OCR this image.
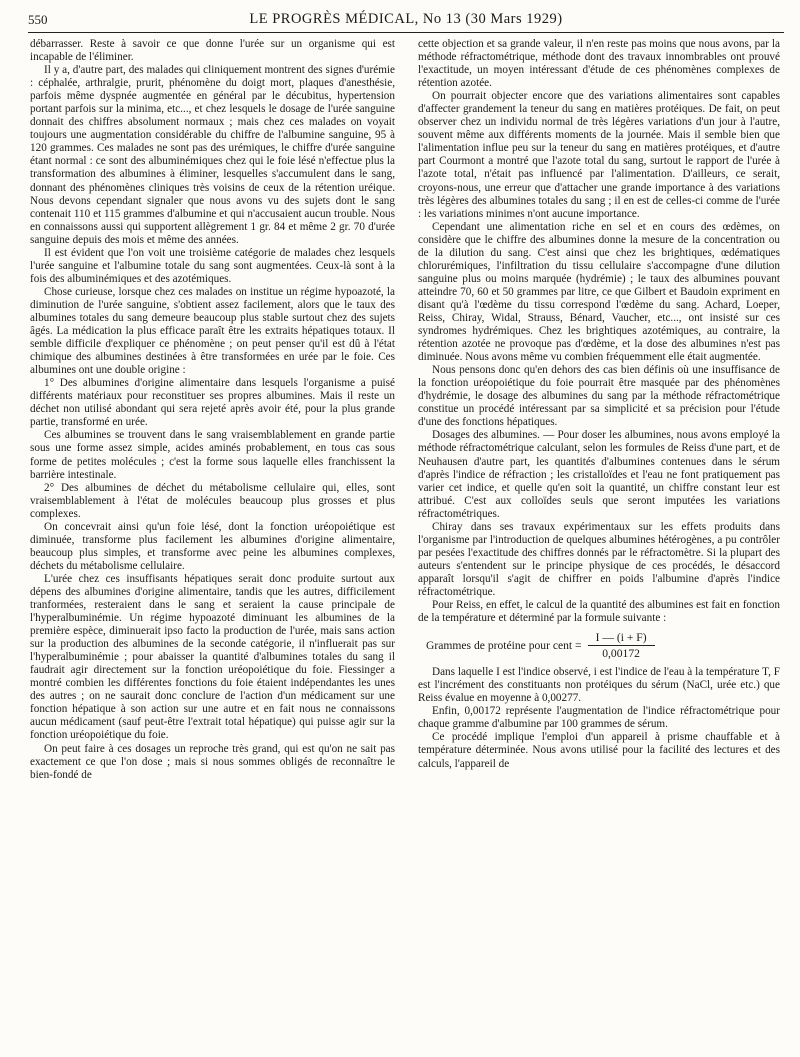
550	LE PROGRÈS MÉDICAL, No 13 (30 Mars 1929)

débarrasser. Reste à savoir ce que donne l'urée sur un organisme qui est incapable de l'éliminer.

Il y a, d'autre part, des malades qui cliniquement montrent des signes d'urémie : céphalée, arthralgie, prurit, phénomène du doigt mort, plaques d'anesthésie, parfois même dyspnée augmentée en général par le décubitus, hypertension portant parfois sur la minima, etc..., et chez lesquels le dosage de l'urée sanguine donnait des chiffres absolument normaux ; mais chez ces malades on voyait toujours une augmentation considérable du chiffre de l'albumine sanguine, 95 à 120 grammes. Ces malades ne sont pas des urémiques, le chiffre d'urée sanguine étant normal : ce sont des albuminémiques chez qui le foie lésé n'effectue plus la transformation des albumines à éliminer, lesquelles s'accumulent dans le sang, donnant des phénomènes cliniques très voisins de ceux de la rétention uréique. Nous devons cependant signaler que nous avons vu des sujets dont le sang contenait 110 et 115 grammes d'albumine et qui n'accusaient aucun trouble. Nous en connaissons aussi qui supportent allègrement 1 gr. 84 et même 2 gr. 70 d'urée sanguine depuis des mois et même des années.

Il est évident que l'on voit une troisième catégorie de malades chez lesquels l'urée sanguine et l'albumine totale du sang sont augmentées. Ceux-là sont à la fois des albuminémiques et des azotémiques.

Chose curieuse, lorsque chez ces malades on institue un régime hypoazoté, la diminution de l'urée sanguine, s'obtient assez facilement, alors que le taux des albumines totales du sang demeure beaucoup plus stable surtout chez des sujets âgés. La médication la plus efficace paraît être les extraits hépatiques totaux. Il semble difficile d'expliquer ce phénomène ; on peut penser qu'il est dû à l'état chimique des albumines destinées à être transformées en urée par le foie. Ces albumines ont une double origine :

1° Des albumines d'origine alimentaire dans lesquels l'organisme a puisé différents matériaux pour reconstituer ses propres albumines. Mais il reste un déchet non utilisé abondant qui sera rejeté après avoir été, pour la plus grande partie, transformé en urée.

Ces albumines se trouvent dans le sang vraisemblablement en grande partie sous une forme assez simple, acides aminés probablement, en tous cas sous forme de petites molécules ; c'est la forme sous laquelle elles franchissent la barrière intestinale.

2° Des albumines de déchet du métabolisme cellulaire qui, elles, sont vraisemblablement à l'état de molécules beaucoup plus grosses et plus complexes.

On concevrait ainsi qu'un foie lésé, dont la fonction uréopoiétique est diminuée, transforme plus facilement les albumines d'origine alimentaire, beaucoup plus simples, et transforme avec peine les albumines complexes, déchets du métabolisme cellulaire.

L'urée chez ces insuffisants hépatiques serait donc produite surtout aux dépens des albumines d'origine alimentaire, tandis que les autres, difficilement tranformées, resteraient dans le sang et seraient la cause principale de l'hyperalbuminémie. Un régime hypoazoté diminuant les albumines de la première espèce, diminuerait ipso facto la production de l'urée, mais sans action sur la production des albumines de la seconde catégorie, il n'influerait pas sur l'hyperalbuminémie ; pour abaisser la quantité d'albumines totales du sang il faudrait agir directement sur la fonction uréopoiétique du foie. Fiessinger a montré combien les différentes fonctions du foie étaient indépendantes les unes des autres ; on ne saurait donc conclure de l'action d'un médicament sur une fonction hépatique à son action sur une autre et en fait nous ne connaissons aucun médicament (sauf peut-être l'extrait total hépatique) qui puisse agir sur la fonction uréopoiétique du foie.

On peut faire à ces dosages un reproche très grand, qui est qu'on ne sait pas exactement ce que l'on dose ; mais si nous sommes obligés de reconnaître le bien-fondé de

cette objection et sa grande valeur, il n'en reste pas moins que nous avons, par la méthode réfractométrique, méthode dont des travaux innombrables ont prouvé l'exactitude, un moyen intéressant d'étude de ces phénomènes complexes de rétention azotée.

On pourrait objecter encore que des variations alimentaires sont capables d'affecter grandement la teneur du sang en matières protéiques. De fait, on peut observer chez un individu normal de très légères variations d'un jour à l'autre, souvent même aux différents moments de la journée. Mais il semble bien que l'alimentation influe peu sur la teneur du sang en matières protéiques, et d'autre part Courmont a montré que l'azote total du sang, surtout le rapport de l'urée à l'azote total, n'était pas influencé par l'alimentation. D'ailleurs, ce serait, croyons-nous, une erreur que d'attacher une grande importance à des variations très légères des albumines totales du sang ; il en est de celles-ci comme de l'urée : les variations minimes n'ont aucune importance.

Cependant une alimentation riche en sel et en cours des œdèmes, on considère que le chiffre des albumines donne la mesure de la concentration ou de la dilution du sang. C'est ainsi que chez les brightiques, œdématiques chlorurémiques, l'infiltration du tissu cellulaire s'accompagne d'une dilution sanguine plus ou moins marquée (hydrémie) ; le taux des albumines pouvant atteindre 70, 60 et 50 grammes par litre, ce que Gilbert et Baudoin expriment en disant qu'à l'œdème du tissu correspond l'œdème du sang. Achard, Loeper, Reiss, Chiray, Widal, Strauss, Bénard, Vaucher, etc..., ont insisté sur ces syndromes hydrémiques. Chez les brightiques azotémiques, au contraire, la rétention azotée ne provoque pas d'œdème, et la dose des albumines n'est pas diminuée. Nous avons même vu combien fréquemment elle était augmentée.

Nous pensons donc qu'en dehors des cas bien définis où une insuffisance de la fonction uréopoiétique du foie pourrait être masquée par des phénomènes d'hydrémie, le dosage des albumines du sang par la méthode réfractométrique constitue un procédé intéressant par sa simplicité et sa précision pour l'étude d'une des fonctions hépatiques.

Dosages des albumines. — Pour doser les albumines, nous avons employé la méthode réfractométrique calculant, selon les formules de Reiss d'une part, et de Neuhausen d'autre part, les quantités d'albumines contenues dans le sérum d'après l'indice de réfraction ; les cristalloïdes et l'eau ne font pratiquement pas varier cet indice, et quelle qu'en soit la quantité, un chiffre constant leur est attribué. C'est aux colloïdes seuls que seront imputées les variations réfractométriques.

Chiray dans ses travaux expérimentaux sur les effets produits dans l'organisme par l'introduction de quelques albumines hétérogènes, a pu contrôler par pesées l'exactitude des chiffres donnés par le réfractomètre. Si la plupart des auteurs s'entendent sur le principe physique de ces procédés, le désaccord apparaît lorsqu'il s'agit de chiffrer en poids l'albumine d'après l'indice réfractométrique.

Pour Reiss, en effet, le calcul de la quantité des albumines est fait en fonction de la température et déterminé par la formule suivante :

Grammes de protéine pour cent = $\frac{I — (i + F)}{0,00172}$

Dans laquelle I est l'indice observé, i est l'indice de l'eau à la température T, F est l'incrément des constituants non protéiques du sérum (NaCl, urée etc.) que Reiss évalue en moyenne à 0,00277.

Enfin, 0,00172 représente l'augmentation de l'indice réfractométrique pour chaque gramme d'albumine par 100 grammes de sérum.

Ce procédé implique l'emploi d'un appareil à prisme chauffable et à température déterminée. Nous avons utilisé pour la facilité des lectures et des calculs, l'appareil de
